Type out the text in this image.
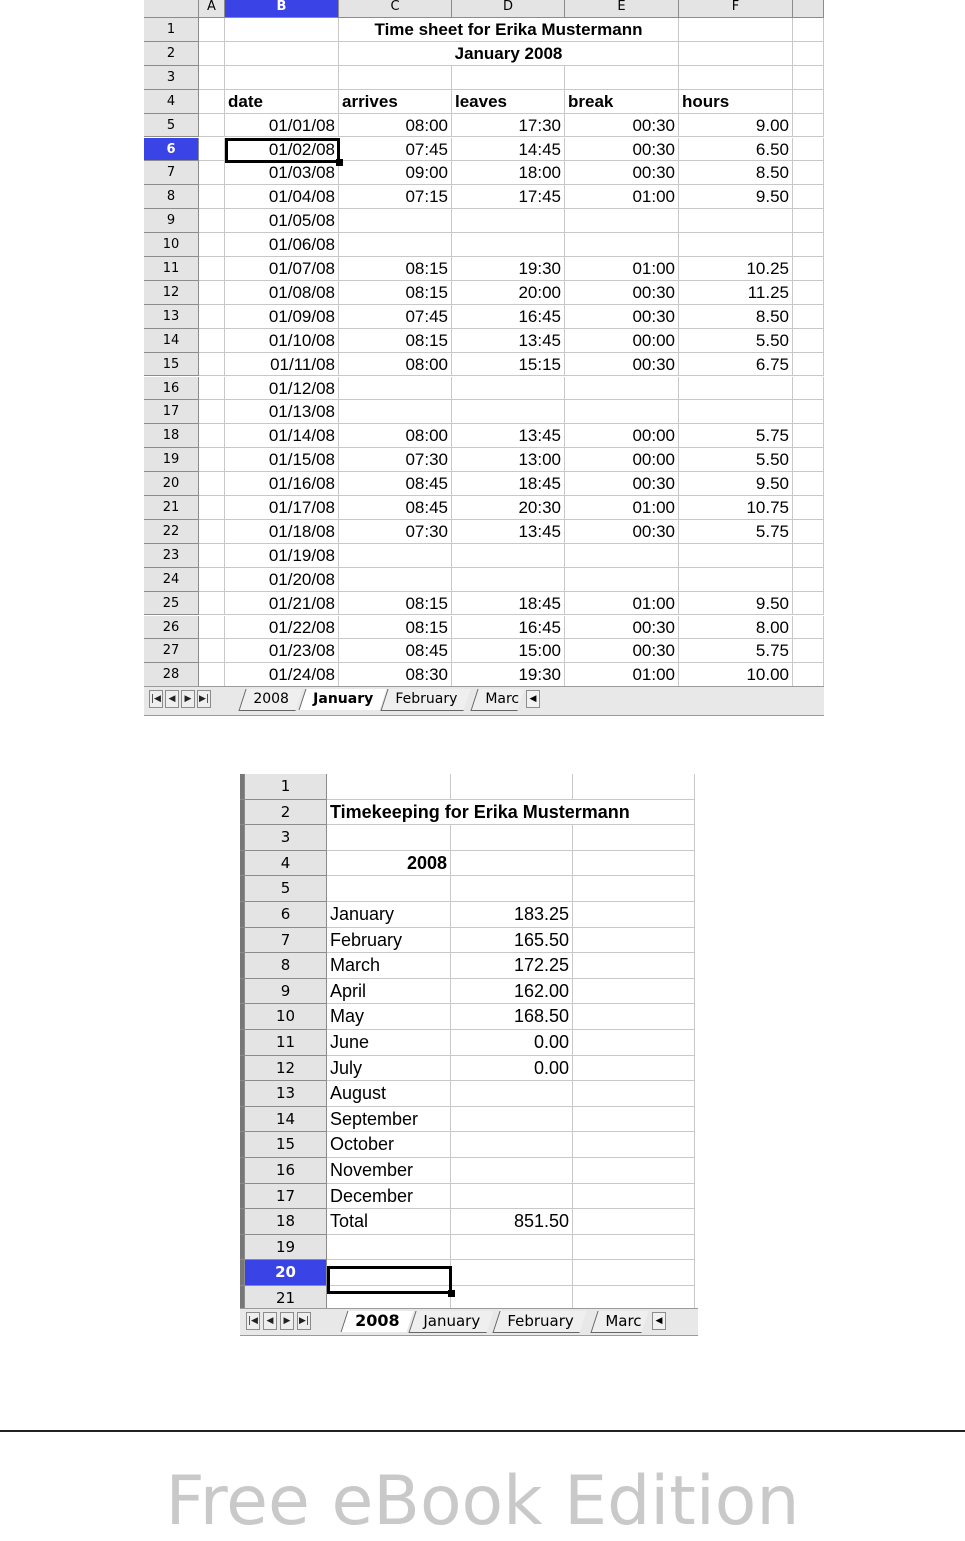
A	B	C	D	E	F
1	Time sheet for Erika Mustermann
2	January 2008
3
4	date	arrives	leaves	break	hours
5	01/01/08	08:00	17:30	00:30	9.00
6	01/02/08	07:45	14:45	00:30	6.50
7	01/03/08	09:00	18:00	00:30	8.50
8	01/04/08	07:15	17:45	01:00	9.50
9	01/05/08
10	01/06/08
11	01/07/08	08:15	19:30	01:00	10.25
12	01/08/08	08:15	20:00	00:30	11.25
13	01/09/08	07:45	16:45	00:30	8.50
14	01/10/08	08:15	13:45	00:00	5.50
15	01/11/08	08:00	15:15	00:30	6.75
16	01/12/08
17	01/13/08
18	01/14/08	08:00	13:45	00:00	5.75
19	01/15/08	07:30	13:00	00:00	5.50
20	01/16/08	08:45	18:45	00:30	9.50
21	01/17/08	08:45	20:30	01:00	10.75
22	01/18/08	07:30	13:45	00:30	5.75
23	01/19/08
24	01/20/08
25	01/21/08	08:15	18:45	01:00	9.50
26	01/22/08	08:15	16:45	00:30	8.00
27	01/23/08	08:45	15:00	00:30	5.75
28	01/24/08	08:30	19:30	01:00	10.00
|◀ ◀	▶ ▶|	2008	January	February	Marc	◀
1
2	Timekeeping for Erika Mustermann
3
4	2008
5
6	January	183.25
7	February	165.50
8	March	172.25
9	April	162.00
10	May	168.50
11	June	0.00
12	July	0.00
13	August
14	September
15	October
16	November
17	December
18	Total	851.50
19
20
21
|◀ ◀	▶ ▶|	2008	January	February	Marc	◀
Free eBook Edition
